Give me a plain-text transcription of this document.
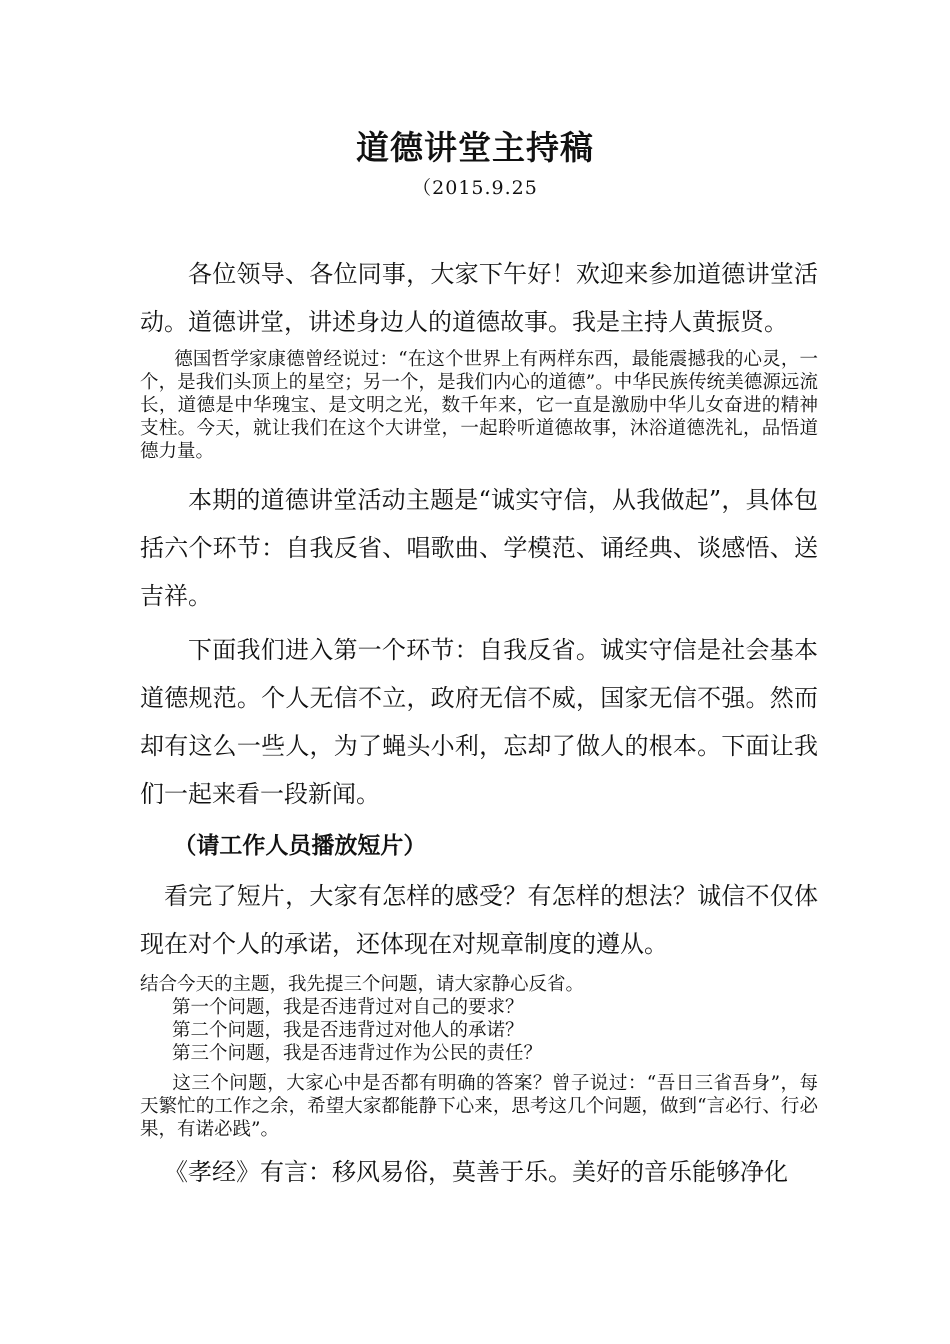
道德讲堂主持稿
（2015.9.25

各位领导、各位同事，大家下午好！欢迎来参加道德讲堂活动。道德讲堂，讲述身边人的道德故事。我是主持人黄振贤。

德国哲学家康德曾经说过：“在这个世界上有两样东西，最能震撼我的心灵，一个，是我们头顶上的星空；另一个，是我们内心的道德”。中华民族传统美德源远流长，道德是中华瑰宝、是文明之光，数千年来，它一直是激励中华儿女奋进的精神支柱。今天，就让我们在这个大讲堂，一起聆听道德故事，沐浴道德洗礼，品悟道德力量。

本期的道德讲堂活动主题是“诚实守信，从我做起”，具体包括六个环节：自我反省、唱歌曲、学模范、诵经典、谈感悟、送吉祥。

下面我们进入第一个环节：自我反省。诚实守信是社会基本道德规范。个人无信不立，政府无信不威，国家无信不强。然而却有这么一些人，为了蝇头小利，忘却了做人的根本。下面让我们一起来看一段新闻。

（请工作人员播放短片）

看完了短片，大家有怎样的感受？有怎样的想法？诚信不仅体现在对个人的承诺，还体现在对规章制度的遵从。

结合今天的主题，我先提三个问题，请大家静心反省。

第一个问题，我是否违背过对自己的要求？

第二个问题，我是否违背过对他人的承诺？

第三个问题，我是否违背过作为公民的责任？

这三个问题，大家心中是否都有明确的答案？曾子说过：“吾日三省吾身”，每天繁忙的工作之余，希望大家都能静下心来，思考这几个问题，做到“言必行、行必果，有诺必践”。

《孝经》有言：移风易俗，莫善于乐。美好的音乐能够净化
